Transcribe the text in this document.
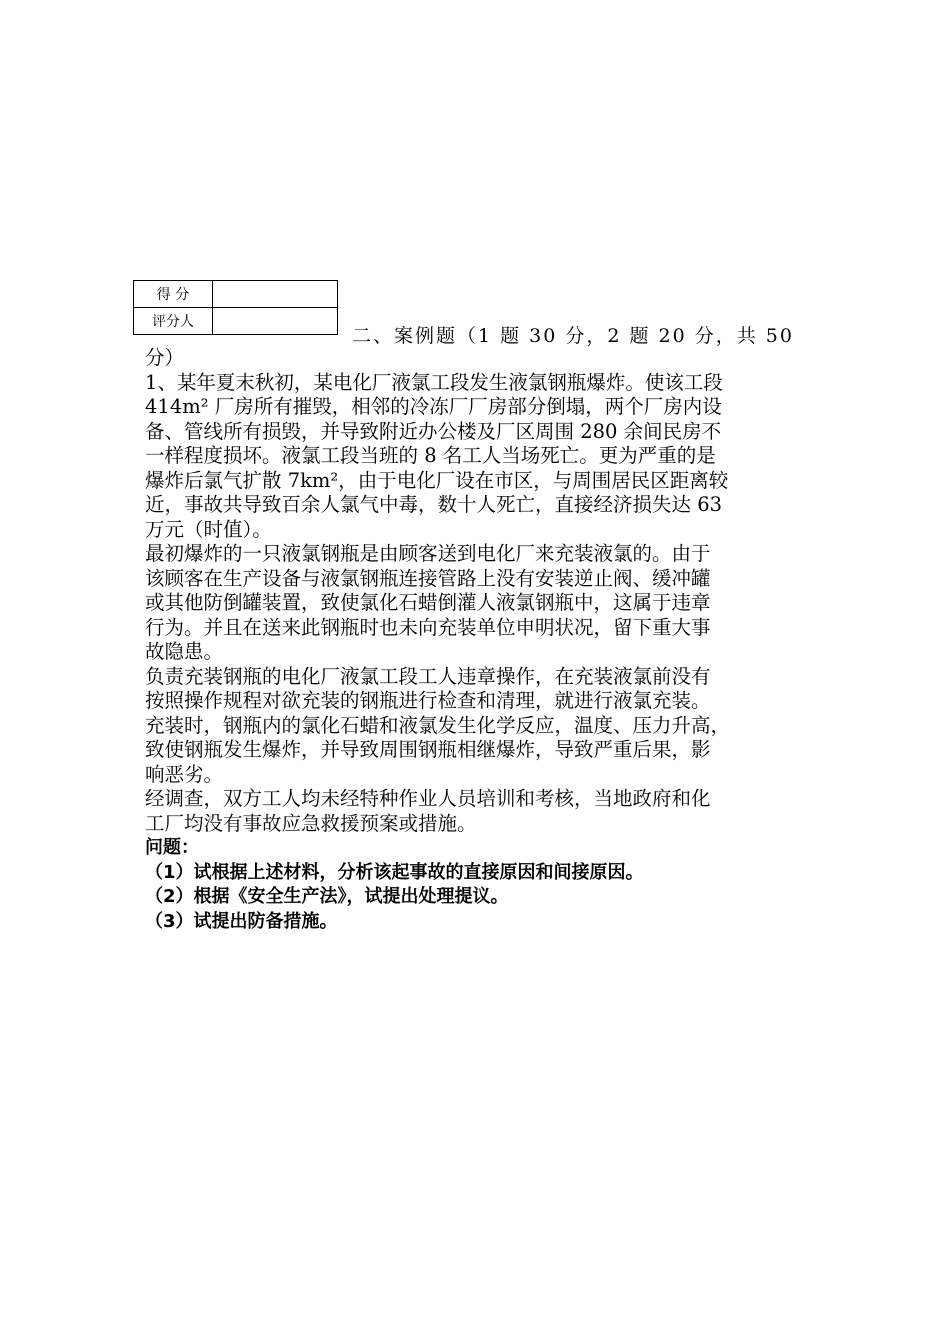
得 分	
评分人	
二、案例题（1 题 30 分，2 题 20 分，共 50

分）

1、某年夏末秋初，某电化厂液氯工段发生液氯钢瓶爆炸。使该工段
414m² 厂房所有摧毁，相邻的冷冻厂厂房部分倒塌，两个厂房内设
备、管线所有损毁，并导致附近办公楼及厂区周围 280 余间民房不
一样程度损坏。液氯工段当班的 8 名工人当场死亡。更为严重的是
爆炸后氯气扩散 7km²，由于电化厂设在市区，与周围居民区距离较
近，事故共导致百余人氯气中毒，数十人死亡，直接经济损失达 63
万元（时值）。

最初爆炸的一只液氯钢瓶是由顾客送到电化厂来充装液氯的。由于
该顾客在生产设备与液氯钢瓶连接管路上没有安装逆止阀、缓冲罐
或其他防倒罐装置，致使氯化石蜡倒灌人液氯钢瓶中，这属于违章
行为。并且在送来此钢瓶时也未向充装单位申明状况，留下重大事
故隐患。

负责充装钢瓶的电化厂液氯工段工人违章操作，在充装液氯前没有
按照操作规程对欲充装的钢瓶进行检查和清理，就进行液氯充装。
充装时，钢瓶内的氯化石蜡和液氯发生化学反应，温度、压力升高，
致使钢瓶发生爆炸，并导致周围钢瓶相继爆炸，导致严重后果，影
响恶劣。

经调查，双方工人均未经特种作业人员培训和考核，当地政府和化
工厂均没有事故应急救援预案或措施。

问题：

（1）试根据上述材料，分析该起事故的直接原因和间接原因。

（2）根据《安全生产法》，试提出处理提议。

（3）试提出防备措施。
